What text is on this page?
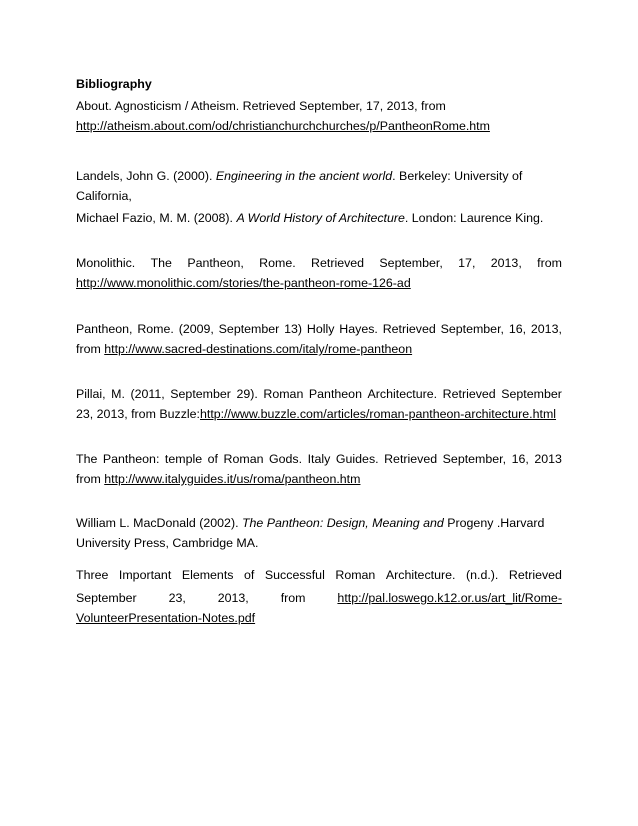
Bibliography
About. Agnosticism / Atheism. Retrieved September, 17, 2013, from
http://atheism.about.com/od/christianchurchchurches/p/PantheonRome.htm
Landels, John G. (2000). Engineering in the ancient world. Berkeley: University of
California,
Michael Fazio, M. M. (2008). A World History of Architecture. London: Laurence King.
Monolithic. The Pantheon, Rome. Retrieved September, 17, 2013, from
http://www.monolithic.com/stories/the-pantheon-rome-126-ad
Pantheon, Rome. (2009, September 13) Holly Hayes. Retrieved September, 16, 2013,
from http://www.sacred-destinations.com/italy/rome-pantheon
Pillai, M. (2011, September 29). Roman Pantheon Architecture. Retrieved September
23, 2013, from Buzzle:http://www.buzzle.com/articles/roman-pantheon-architecture.html
The Pantheon: temple of Roman Gods. Italy Guides. Retrieved September, 16, 2013
from http://www.italyguides.it/us/roma/pantheon.htm
William L. MacDonald (2002). The Pantheon: Design, Meaning and Progeny .Harvard
University Press, Cambridge MA.
Three Important Elements of Successful Roman Architecture. (n.d.). Retrieved
September	23,	2013,	from	http://pal.loswego.k12.or.us/art_lit/Rome-
VolunteerPresentation-Notes.pdf
